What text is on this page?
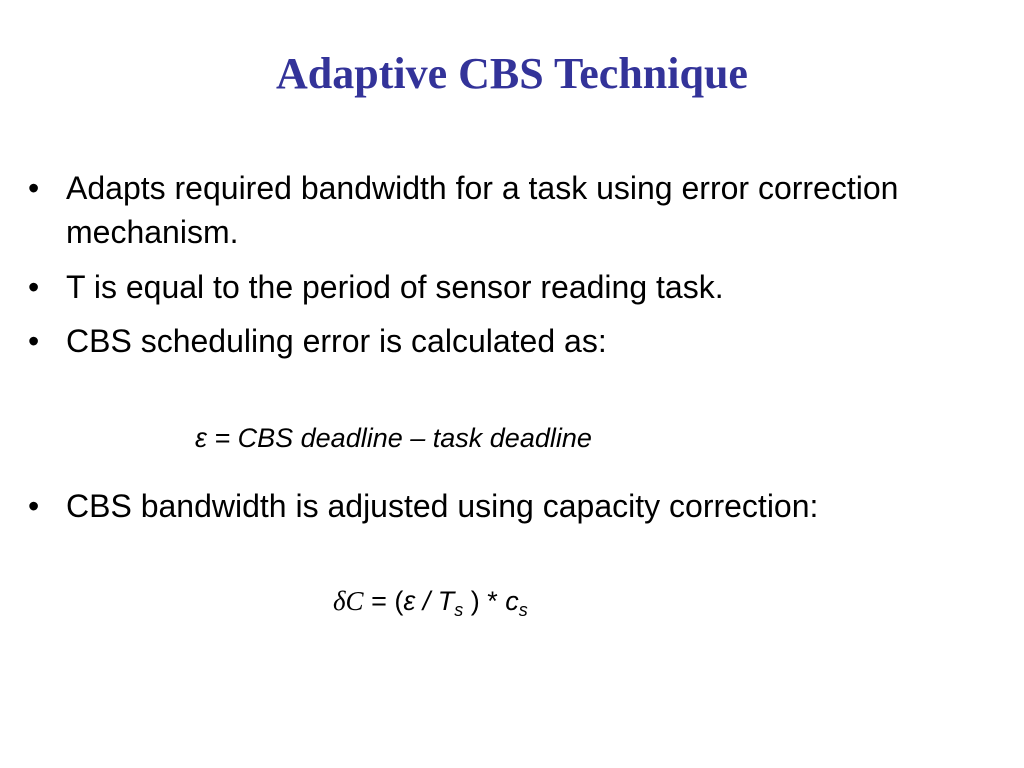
Adaptive CBS Technique
• Adapts required bandwidth for a task using error correction mechanism.
• T is equal to the period of sensor reading task.
• CBS scheduling error is calculated as:
• CBS bandwidth is adjusted using capacity correction:
ε = CBS deadline – task deadline
$\delta C = (\varepsilon / T_s$ ) * $c_s$
